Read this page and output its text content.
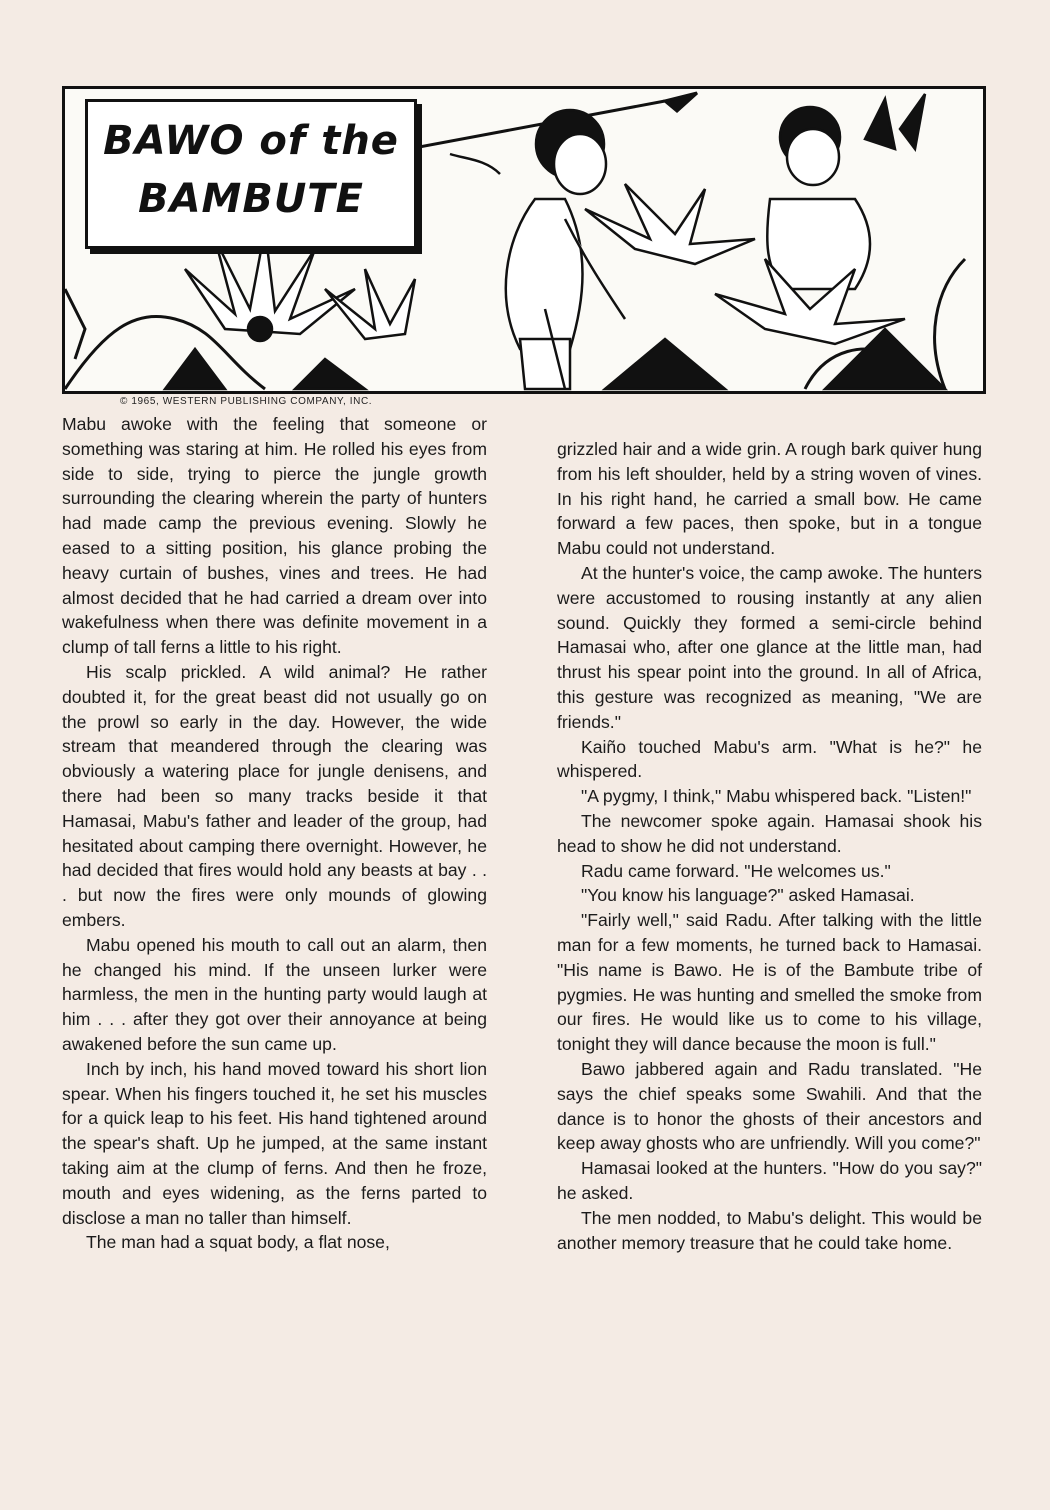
BAWO of the
BAMBUTE
© 1965, WESTERN PUBLISHING COMPANY, INC.

Mabu awoke with the feeling that someone or something was staring at him. He rolled his eyes from side to side, trying to pierce the jungle growth surrounding the clearing wherein the party of hunters had made camp the previous evening. Slowly he eased to a sitting position, his glance probing the heavy curtain of bushes, vines and trees. He had almost decided that he had carried a dream over into wakefulness when there was definite movement in a clump of tall ferns a little to his right.

His scalp prickled. A wild animal? He rather doubted it, for the great beast did not usually go on the prowl so early in the day. However, the wide stream that meandered through the clearing was obviously a watering place for jungle denisens, and there had been so many tracks beside it that Hamasai, Mabu's father and leader of the group, had hesitated about camping there overnight. However, he had decided that fires would hold any beasts at bay . . . but now the fires were only mounds of glowing embers.

Mabu opened his mouth to call out an alarm, then he changed his mind. If the unseen lurker were harmless, the men in the hunting party would laugh at him . . . after they got over their annoyance at being awakened before the sun came up.

Inch by inch, his hand moved toward his short lion spear. When his fingers touched it, he set his muscles for a quick leap to his feet. His hand tightened around the spear's shaft. Up he jumped, at the same instant taking aim at the clump of ferns. And then he froze, mouth and eyes widening, as the ferns parted to disclose a man no taller than himself.

The man had a squat body, a flat nose,

grizzled hair and a wide grin. A rough bark quiver hung from his left shoulder, held by a string woven of vines. In his right hand, he carried a small bow. He came forward a few paces, then spoke, but in a tongue Mabu could not understand.

At the hunter's voice, the camp awoke. The hunters were accustomed to rousing instantly at any alien sound. Quickly they formed a semi-circle behind Hamasai who, after one glance at the little man, had thrust his spear point into the ground. In all of Africa, this gesture was recognized as meaning, "We are friends."

Kaiño touched Mabu's arm. "What is he?" he whispered.

"A pygmy, I think," Mabu whispered back. "Listen!"

The newcomer spoke again. Hamasai shook his head to show he did not understand.

Radu came forward. "He welcomes us."

"You know his language?" asked Hamasai.

"Fairly well," said Radu. After talking with the little man for a few moments, he turned back to Hamasai. "His name is Bawo. He is of the Bambute tribe of pygmies. He was hunting and smelled the smoke from our fires. He would like us to come to his village, tonight they will dance because the moon is full."

Bawo jabbered again and Radu translated. "He says the chief speaks some Swahili. And that the dance is to honor the ghosts of their ancestors and keep away ghosts who are unfriendly. Will you come?"

Hamasai looked at the hunters. "How do you say?" he asked.

The men nodded, to Mabu's delight. This would be another memory treasure that he could take home.
